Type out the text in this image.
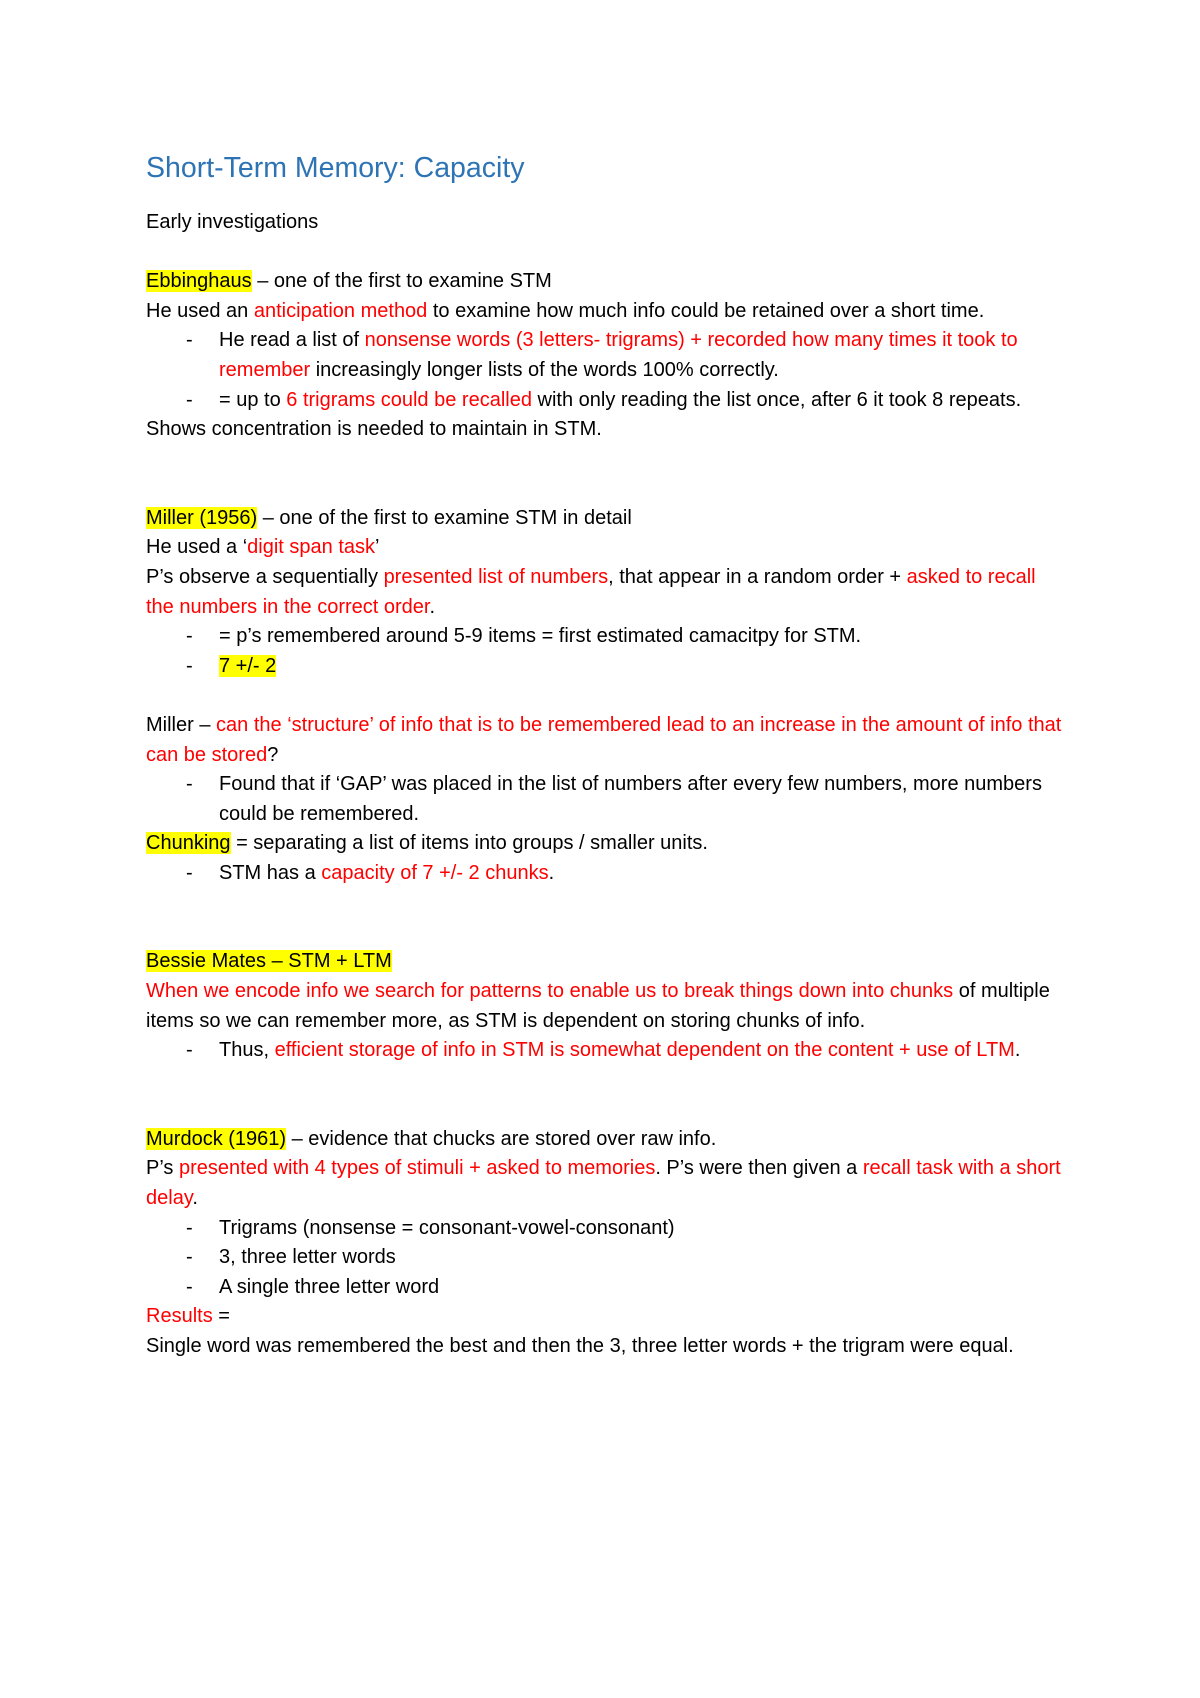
Short-Term Memory: Capacity

Early investigations

Ebbinghaus – one of the first to examine STM

He used an anticipation method to examine how much info could be retained over a short time.

- He read a list of nonsense words (3 letters- trigrams) + recorded how many times it took to remember increasingly longer lists of the words 100% correctly.
- = up to 6 trigrams could be recalled with only reading the list once, after 6 it took 8 repeats.

Shows concentration is needed to maintain in STM.

Miller (1956) – one of the first to examine STM in detail

He used a ‘digit span task’

P’s observe a sequentially presented list of numbers, that appear in a random order + asked to recall the numbers in the correct order.

- = p’s remembered around 5-9 items = first estimated camacitpy for STM.
- 7 +/- 2

Miller – can the ‘structure’ of info that is to be remembered lead to an increase in the amount of info that can be stored?

- Found that if ‘GAP’ was placed in the list of numbers after every few numbers, more numbers could be remembered.

Chunking = separating a list of items into groups / smaller units.

- STM has a capacity of 7 +/- 2 chunks.

Bessie Mates – STM + LTM

When we encode info we search for patterns to enable us to break things down into chunks of multiple items so we can remember more, as STM is dependent on storing chunks of info.

- Thus, efficient storage of info in STM is somewhat dependent on the content + use of LTM.

Murdock (1961) – evidence that chucks are stored over raw info.

P’s presented with 4 types of stimuli + asked to memories. P’s were then given a recall task with a short delay.

- Trigrams (nonsense = consonant-vowel-consonant)
- 3, three letter words
- A single three letter word

Results =

Single word was remembered the best and then the 3, three letter words + the trigram were equal.
